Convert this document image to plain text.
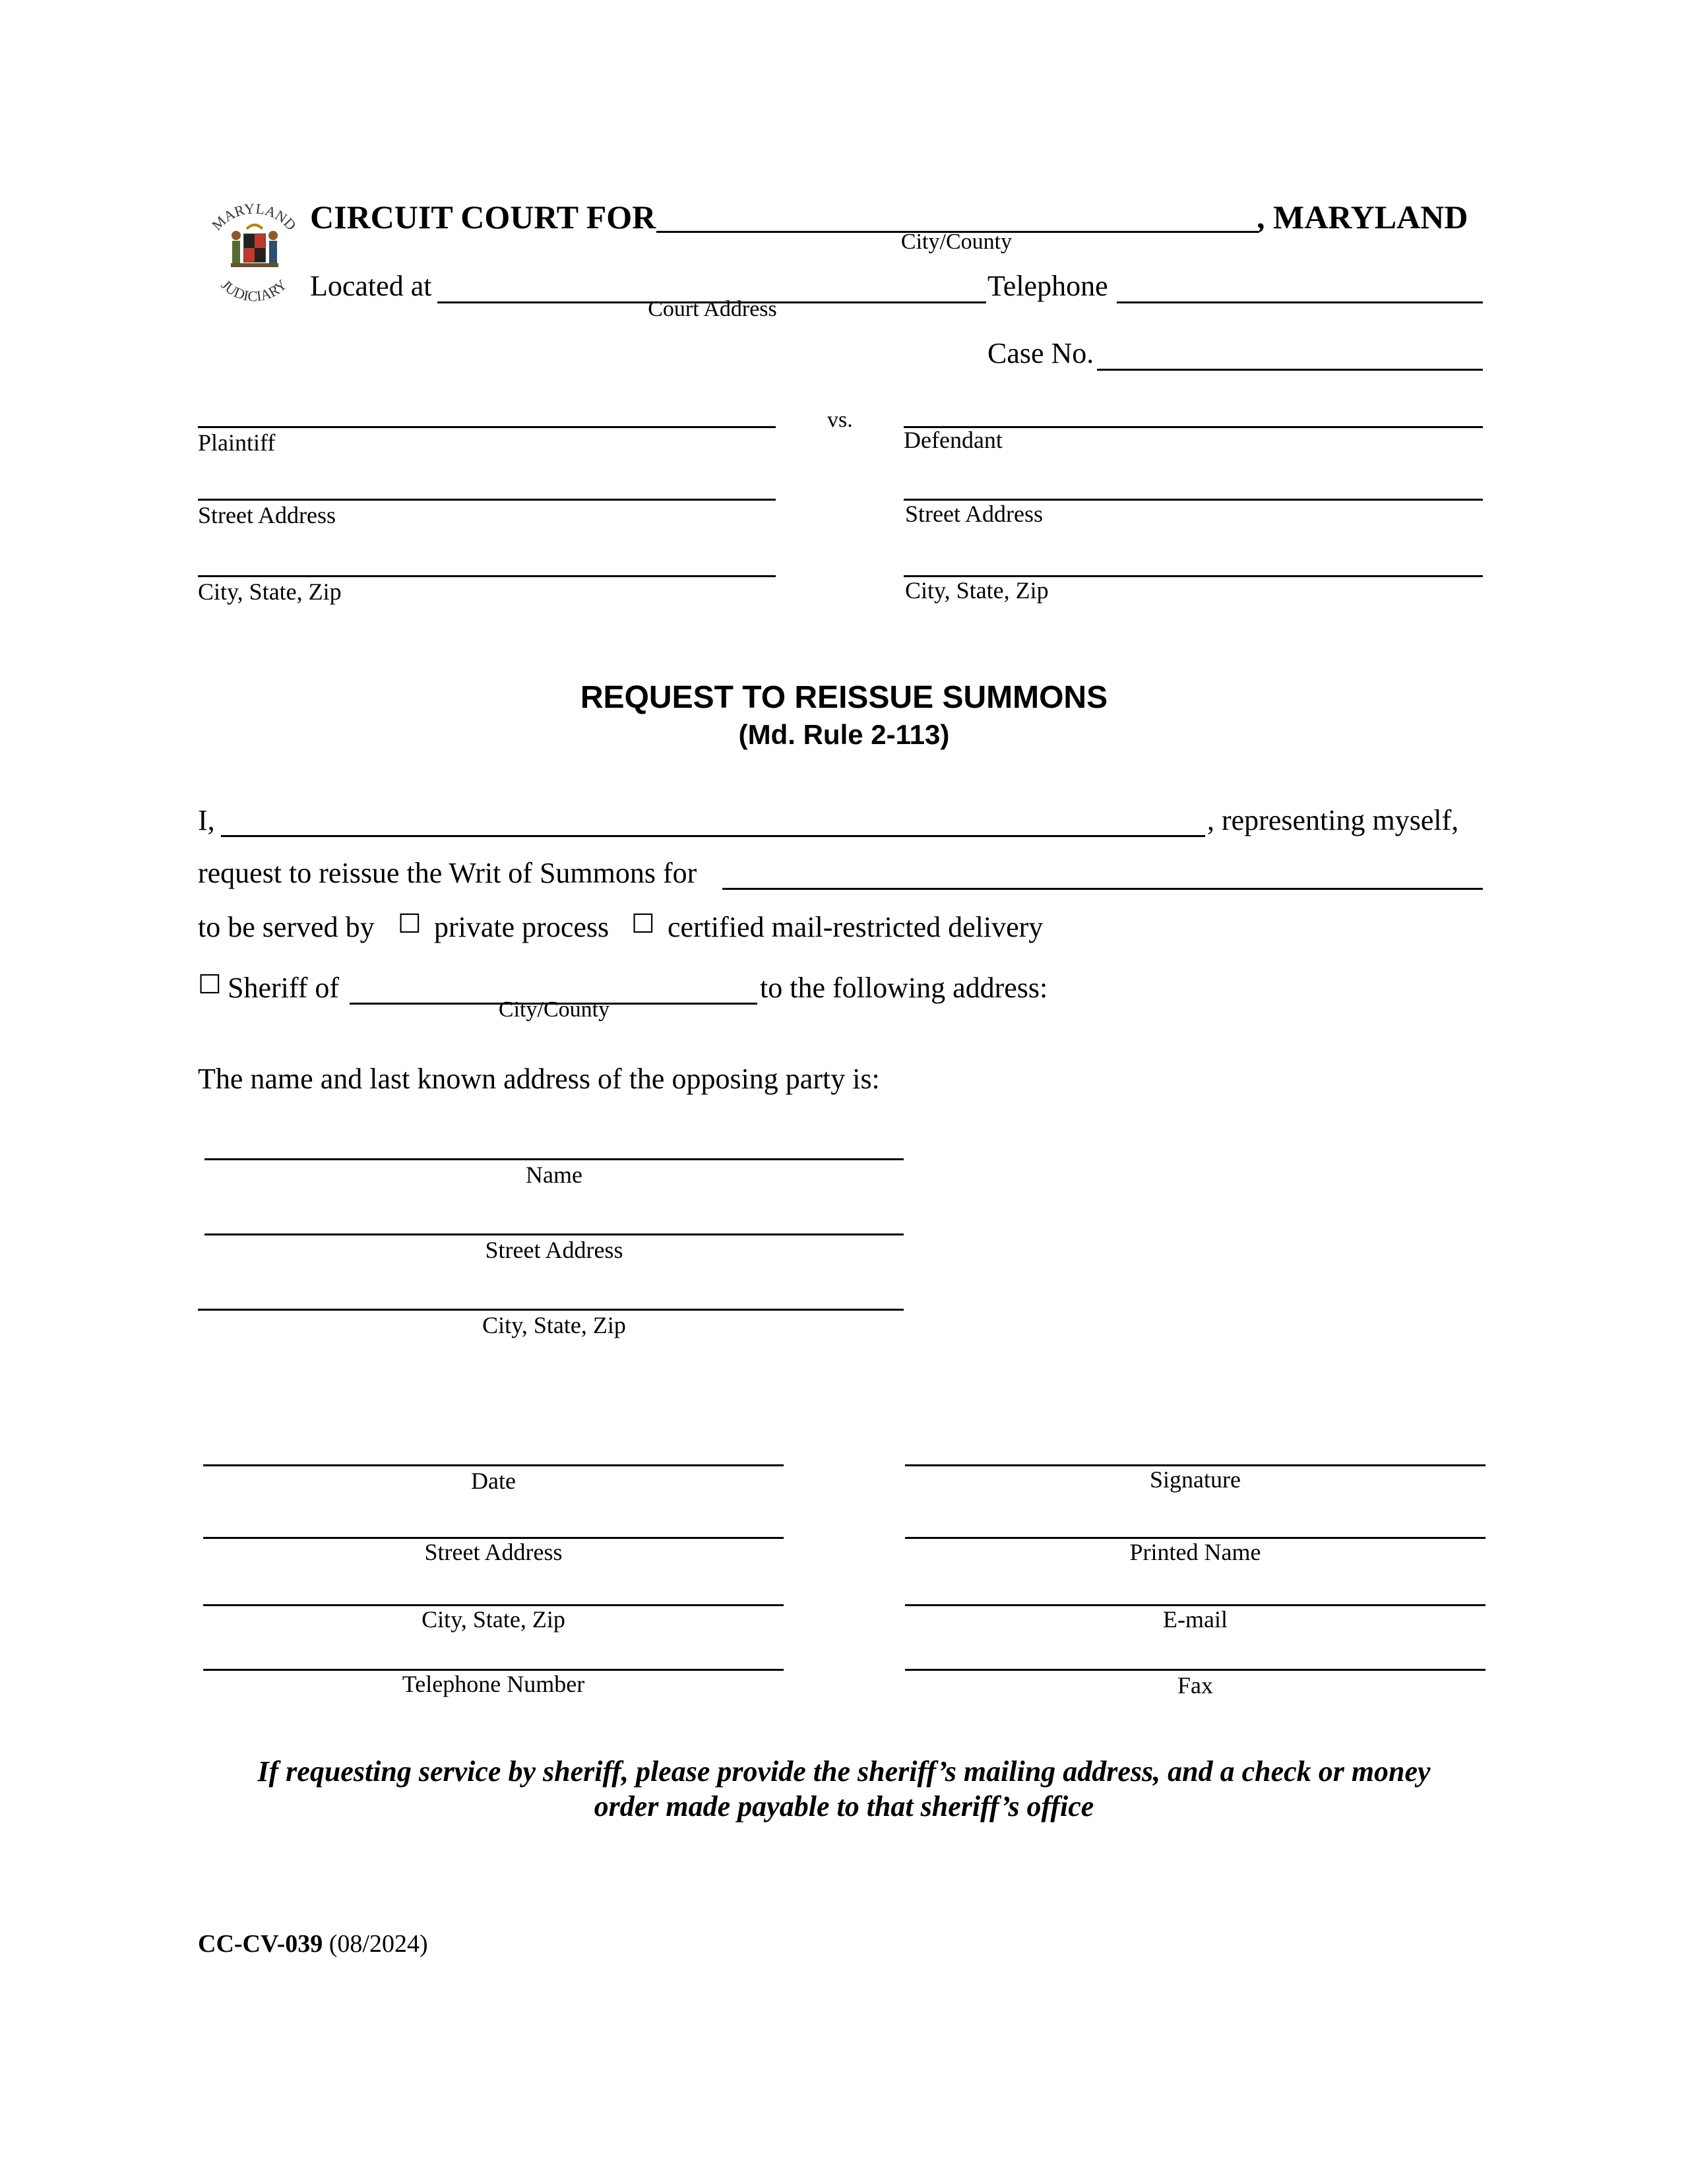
MARYLAND
JUDICIARY
CIRCUIT COURT FOR	, MARYLAND
City/County
Located at
Court Address
Telephone
Case No.
vs.
Plaintiff
Street Address
City, State, Zip
Defendant
Street Address
City, State, Zip
REQUEST TO REISSUE SUMMONS
(Md. Rule 2-113)
I,	, representing myself,
request to reissue the Writ of Summons for
to be served by ☐ private process ☐ certified mail-restricted delivery
☐ Sheriff of
City/County
to the following address:
The name and last known address of the opposing party is:
Name
Street Address
City, State, Zip
Date
Street Address
City, State, Zip
Telephone Number
Signature
Printed Name
E-mail
Fax
If requesting service by sheriff, please provide the sheriff’s mailing address, and a check or money
order made payable to that sheriff’s office
CC-CV-039 (08/2024)
